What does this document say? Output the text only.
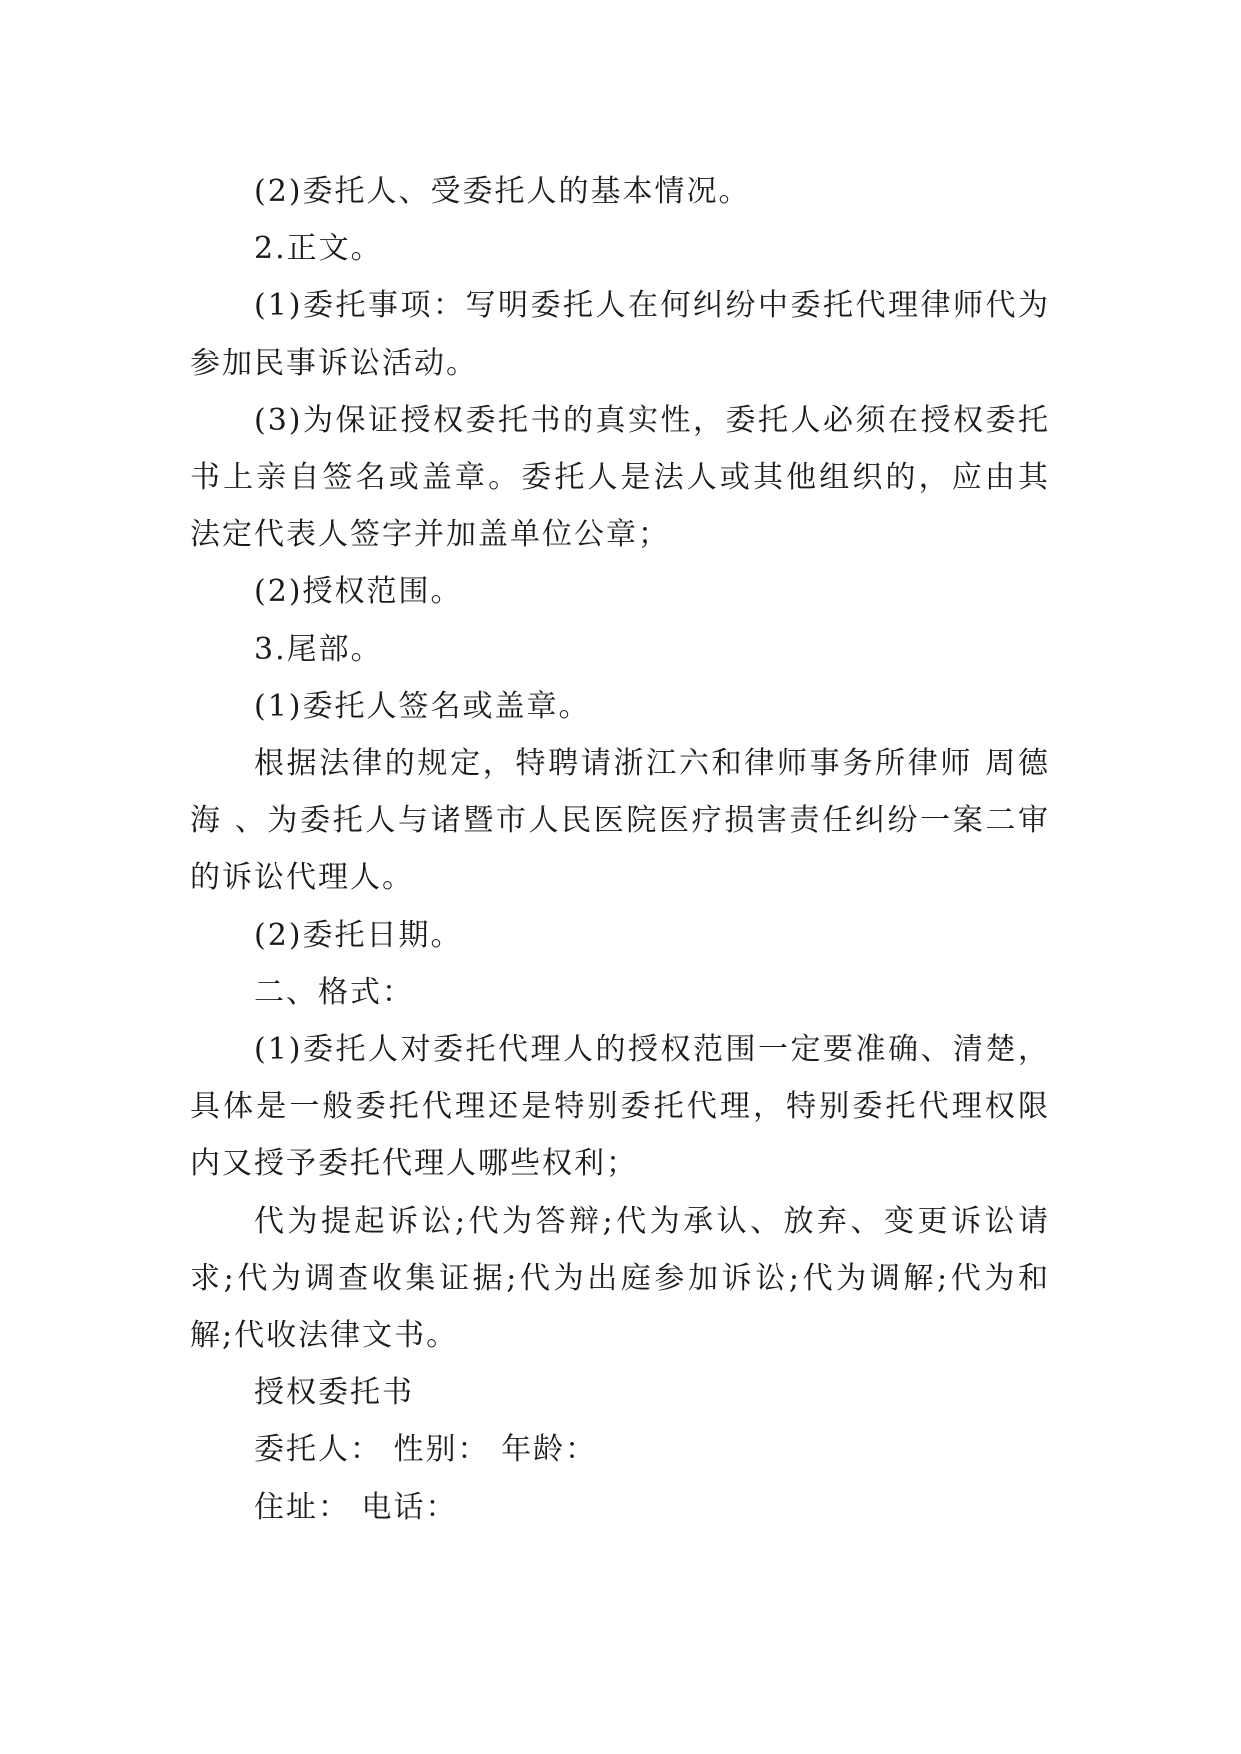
(2)委托人、受委托人的基本情况。

2.正文。

(1)委托事项：写明委托人在何纠纷中委托代理律师代为参加民事诉讼活动。

(3)为保证授权委托书的真实性，委托人必须在授权委托书上亲自签名或盖章。委托人是法人或其他组织的，应由其法定代表人签字并加盖单位公章；

(2)授权范围。

3.尾部。

(1)委托人签名或盖章。

根据法律的规定，特聘请浙江六和律师事务所律师 周德海 、为委托人与诸暨市人民医院医疗损害责任纠纷一案二审的诉讼代理人。

(2)委托日期。

二、格式：

(1)委托人对委托代理人的授权范围一定要准确、清楚，具体是一般委托代理还是特别委托代理，特别委托代理权限内又授予委托代理人哪些权利；

代为提起诉讼;代为答辩;代为承认、放弃、变更诉讼请求;代为调查收集证据;代为出庭参加诉讼;代为调解;代为和解;代收法律文书。

授权委托书

委托人： 性别： 年龄：

住址： 电话：
